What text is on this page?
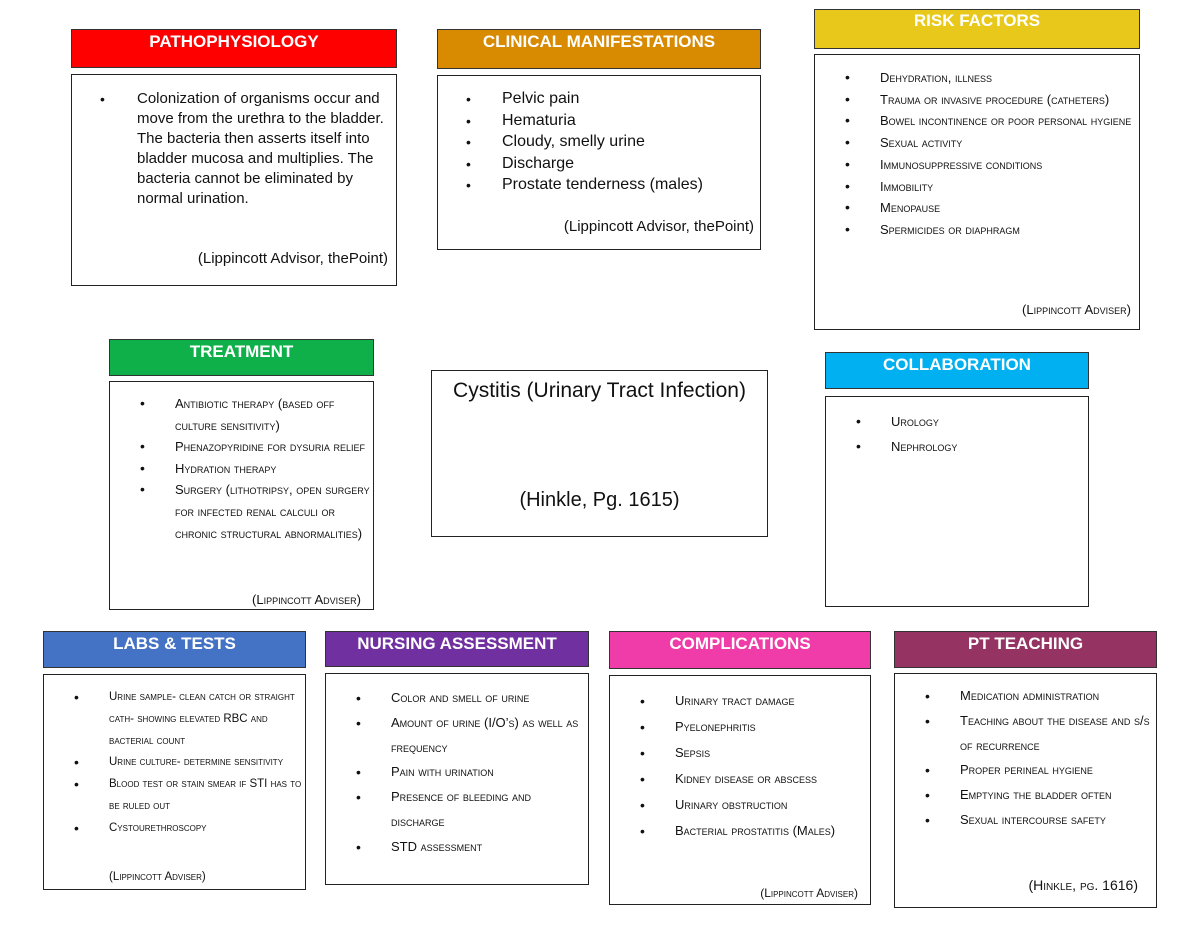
PATHOPHYSIOLOGY
• Colonization of organisms occur and move from the urethra to the bladder. The bacteria then asserts itself into bladder mucosa and multiplies. The bacteria cannot be eliminated by normal urination.
(Lippincott Advisor, thePoint)
CLINICAL MANIFESTATIONS
• Pelvic pain
• Hematuria
• Cloudy, smelly urine
• Discharge
• Prostate tenderness (males)
(Lippincott Advisor, thePoint)
RISK FACTORS
• Dehydration, illness
• Trauma or invasive procedure (catheters)
• Bowel incontinence or poor personal hygiene
• Sexual activity
• Immunosuppressive conditions
• Immobility
• Menopause
• Spermicides or diaphragm
(Lippincott Adviser)
TREATMENT
• Antibiotic therapy (based off culture sensitivity)
• Phenazopyridine for dysuria relief
• Hydration therapy
• Surgery (lithotripsy, open surgery for infected renal calculi or chronic structural abnormalities)
(Lippincott Adviser)
Cystitis (Urinary Tract Infection)
(Hinkle, Pg. 1615)
COLLABORATION
• Urology
• Nephrology
LABS & TESTS
• Urine sample- clean catch or straight cath- showing elevated RBC and bacterial count
• Urine culture- determine sensitivity
• Blood test or stain smear if STI has to be ruled out
• Cystourethroscopy
(Lippincott Adviser)
NURSING ASSESSMENT
• Color and smell of urine
• Amount of urine (I/O’s) as well as frequency
• Pain with urination
• Presence of bleeding and discharge
• STD assessment
COMPLICATIONS
• Urinary tract damage
• Pyelonephritis
• Sepsis
• Kidney disease or abscess
• Urinary obstruction
• Bacterial prostatitis (Males)
(Lippincott Adviser)
PT TEACHING
• Medication administration
• Teaching about the disease and s/s of recurrence
• Proper perineal hygiene
• Emptying the bladder often
• Sexual intercourse safety
(Hinkle, pg. 1616)
